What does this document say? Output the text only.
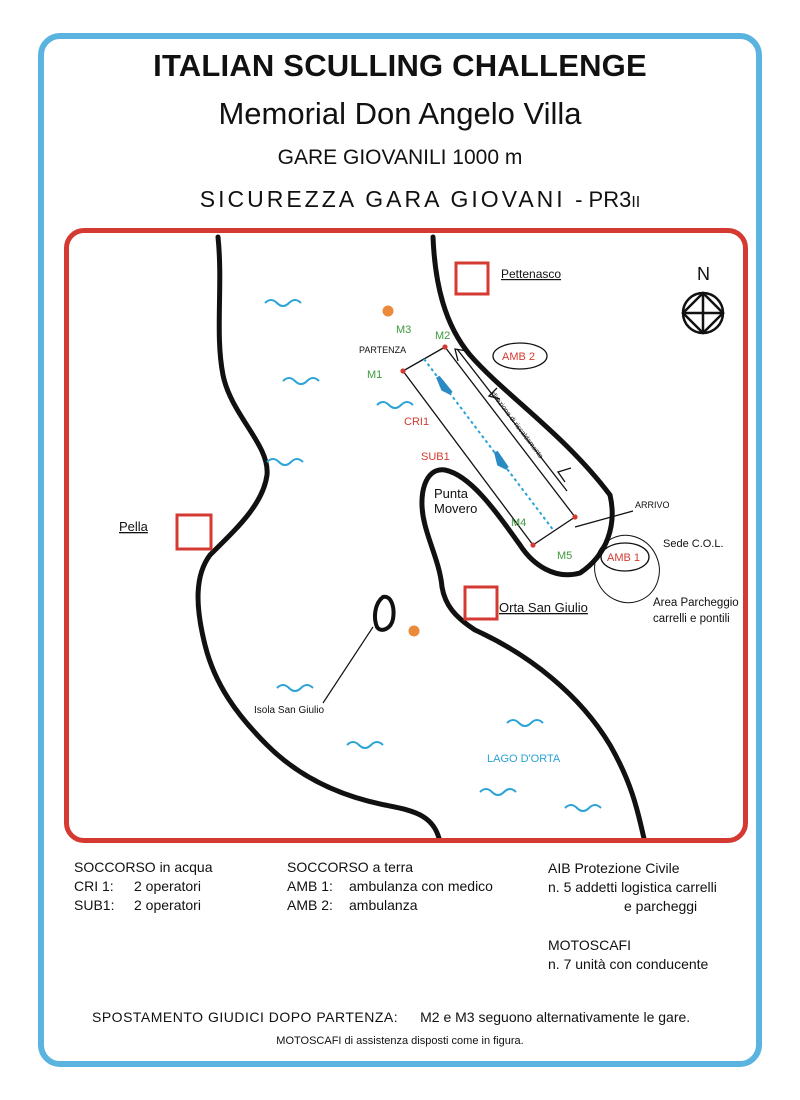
ITALIAN SCULLING CHALLENGE
Memorial Don Angelo Villa
GARE GIOVANILI 1000 m
SICUREZZA GARA GIOVANI - PR3II
direzione di riscaldamento
N
Pettenasco
Pella
Orta San Giulio
Punta
Movero
Isola San Giulio
LAGO D'ORTA
Sede C.O.L.
Area Parcheggio
carrelli e pontili
PARTENZA
ARRIVO
M3 M2
M1
M4
M5
CRI1
SUB1
AMB 2
AMB 1
SOCCORSO in acqua
CRI 1: 2 operatori
SUB1: 2 operatori
SOCCORSO a terra
AMB 1: ambulanza con medico
AMB 2: ambulanza
AIB Protezione Civile
n. 5 addetti logistica carrelli
e parcheggi
MOTOSCAFI
n. 7 unità con conducente
SPOSTAMENTO GIUDICI DOPO PARTENZA: M2 e M3 seguono alternativamente le gare.
MOTOSCAFI di assistenza disposti come in figura.
